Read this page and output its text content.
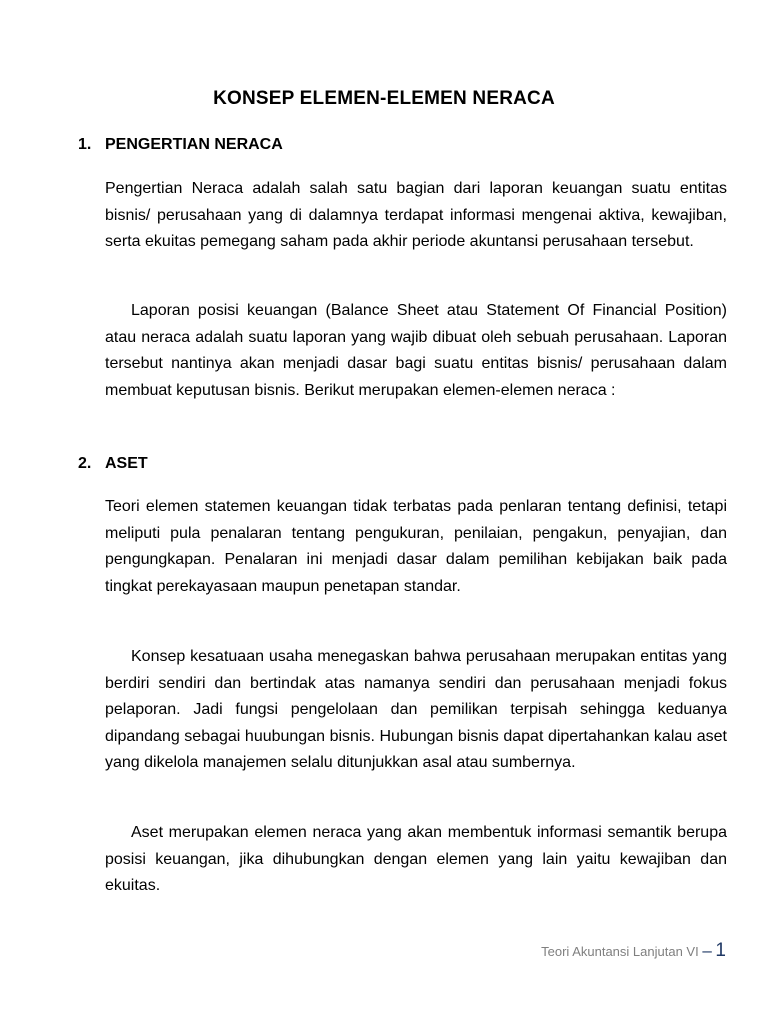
KONSEP ELEMEN-ELEMEN NERACA
1. PENGERTIAN NERACA

Pengertian Neraca adalah salah satu bagian dari laporan keuangan suatu entitas bisnis/ perusahaan yang di dalamnya terdapat informasi mengenai aktiva, kewajiban, serta ekuitas pemegang saham pada akhir periode akuntansi perusahaan tersebut.

Laporan posisi keuangan (Balance Sheet atau Statement Of Financial Position) atau neraca adalah suatu laporan yang wajib dibuat oleh sebuah perusahaan. Laporan tersebut nantinya akan menjadi dasar bagi suatu entitas bisnis/ perusahaan dalam membuat keputusan bisnis. Berikut merupakan elemen-elemen neraca :

2. ASET

Teori elemen statemen keuangan tidak terbatas pada penlaran tentang definisi, tetapi meliputi pula penalaran tentang pengukuran, penilaian, pengakun, penyajian, dan pengungkapan. Penalaran ini menjadi dasar dalam pemilihan kebijakan baik pada tingkat perekayasaan maupun penetapan standar.

Konsep kesatuaan usaha menegaskan bahwa perusahaan merupakan entitas yang berdiri sendiri dan bertindak atas namanya sendiri dan perusahaan menjadi fokus pelaporan. Jadi fungsi pengelolaan dan pemilikan terpisah sehingga keduanya dipandang sebagai huubungan bisnis. Hubungan bisnis dapat dipertahankan kalau aset yang dikelola manajemen selalu ditunjukkan asal atau sumbernya.

Aset merupakan elemen neraca yang akan membentuk informasi semantik berupa posisi keuangan, jika dihubungkan dengan elemen yang lain yaitu kewajiban dan ekuitas.

Teori Akuntansi Lanjutan VI – 1
